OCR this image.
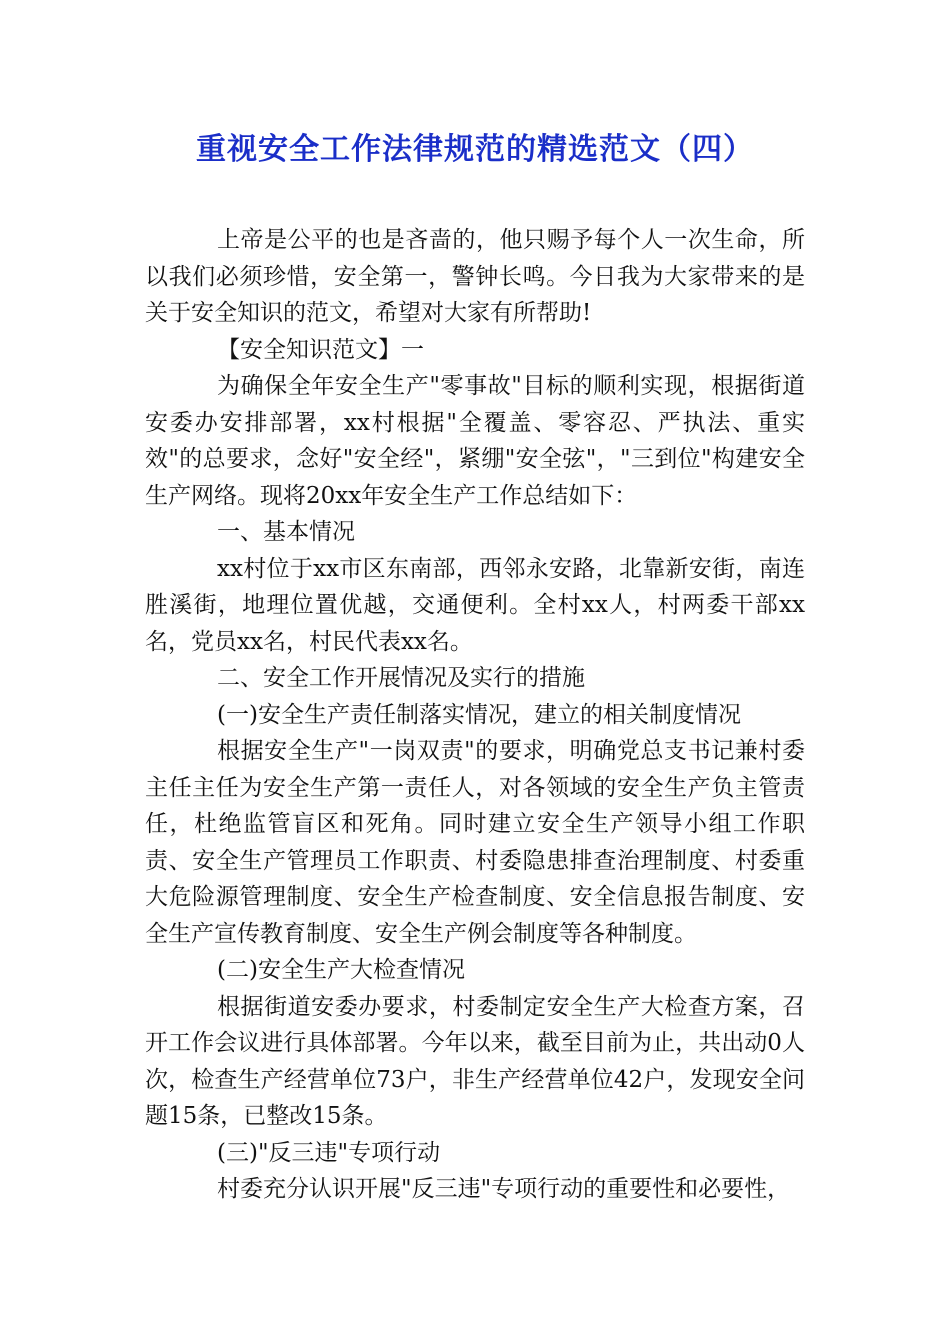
重视安全工作法律规范的精选范文（四）

上帝是公平的也是吝啬的，他只赐予每个人一次生命，所以我们必须珍惜，安全第一，警钟长鸣。今日我为大家带来的是关于安全知识的范文，希望对大家有所帮助!

【安全知识范文】一

为确保全年安全生产"零事故"目标的顺利实现，根据街道安委办安排部署，xx村根据"全覆盖、零容忍、严执法、重实效"的总要求，念好"安全经"，紧绷"安全弦"，"三到位"构建安全生产网络。现将20xx年安全生产工作总结如下：

一、基本情况

xx村位于xx市区东南部，西邻永安路，北靠新安街，南连胜溪街，地理位置优越，交通便利。全村xx人，村两委干部xx名，党员xx名，村民代表xx名。

二、安全工作开展情况及实行的措施

(一)安全生产责任制落实情况，建立的相关制度情况

根据安全生产"一岗双责"的要求，明确党总支书记兼村委主任主任为安全生产第一责任人，对各领域的安全生产负主管责任，杜绝监管盲区和死角。同时建立安全生产领导小组工作职责、安全生产管理员工作职责、村委隐患排查治理制度、村委重大危险源管理制度、安全生产检查制度、安全信息报告制度、安全生产宣传教育制度、安全生产例会制度等各种制度。

(二)安全生产大检查情况

根据街道安委办要求，村委制定安全生产大检查方案，召开工作会议进行具体部署。今年以来，截至目前为止，共出动0人次，检查生产经营单位73户，非生产经营单位42户，发现安全问题15条，已整改15条。

(三)"反三违"专项行动

村委充分认识开展"反三违"专项行动的重要性和必要性，
